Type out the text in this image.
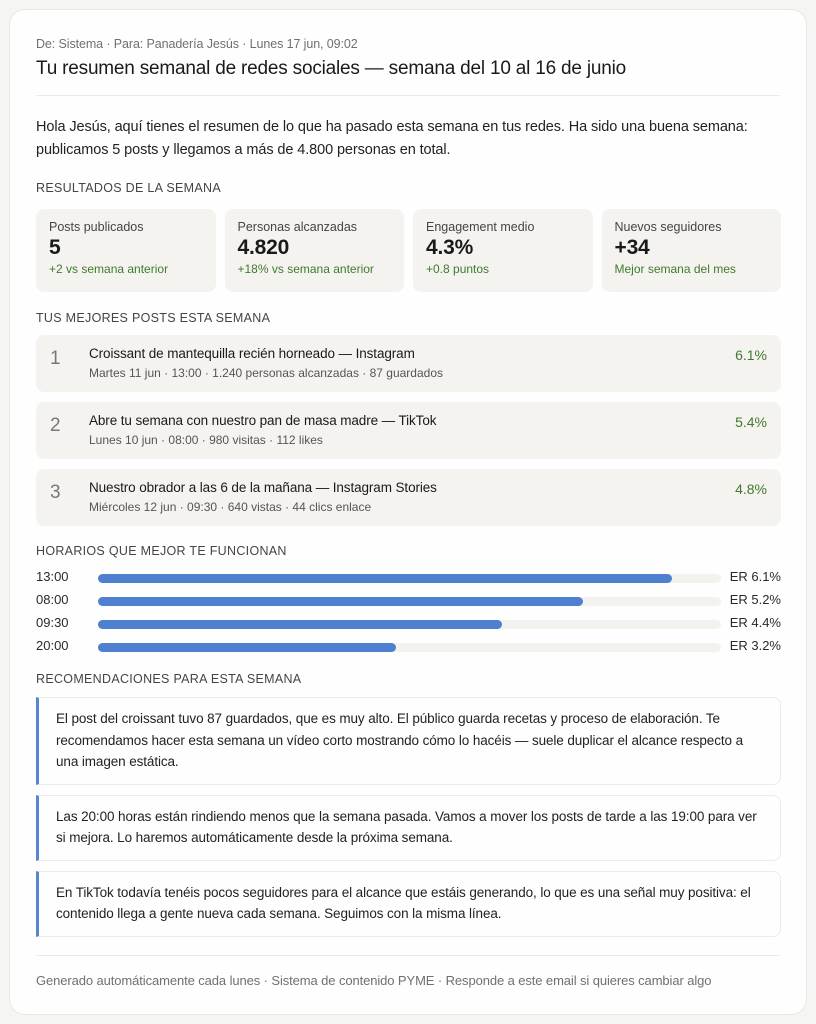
De: Sistema · Para: Panadería Jesús · Lunes 17 jun, 09:02
Tu resumen semanal de redes sociales — semana del 10 al 16 de junio
Hola Jesús, aquí tienes el resumen de lo que ha pasado esta semana en tus redes. Ha sido una buena semana: publicamos 5 posts y llegamos a más de 4.800 personas en total.
RESULTADOS DE LA SEMANA
Posts publicados
5
+2 vs semana anterior
Personas alcanzadas
4.820
+18% vs semana anterior
Engagement medio
4.3%
+0.8 puntos
Nuevos seguidores
+34
Mejor semana del mes
TUS MEJORES POSTS ESTA SEMANA
1 Croissant de mantequilla recién horneado — Instagram
Martes 11 jun · 13:00 · 1.240 personas alcanzadas · 87 guardados
6.1%
2 Abre tu semana con nuestro pan de masa madre — TikTok
Lunes 10 jun · 08:00 · 980 visitas · 112 likes
5.4%
3 Nuestro obrador a las 6 de la mañana — Instagram Stories
Miércoles 12 jun · 09:30 · 640 vistas · 44 clics enlace
4.8%
HORARIOS QUE MEJOR TE FUNCIONAN
13:00	ER 6.1%
08:00	ER 5.2%
09:30	ER 4.4%
20:00	ER 3.2%
RECOMENDACIONES PARA ESTA SEMANA
El post del croissant tuvo 87 guardados, que es muy alto. El público guarda recetas y proceso de elaboración. Te recomendamos hacer esta semana un vídeo corto mostrando cómo lo hacéis — suele duplicar el alcance respecto a una imagen estática.
Las 20:00 horas están rindiendo menos que la semana pasada. Vamos a mover los posts de tarde a las 19:00 para ver si mejora. Lo haremos automáticamente desde la próxima semana.
En TikTok todavía tenéis pocos seguidores para el alcance que estáis generando, lo que es una señal muy positiva: el contenido llega a gente nueva cada semana. Seguimos con la misma línea.
Generado automáticamente cada lunes · Sistema de contenido PYME · Responde a este email si quieres cambiar algo
